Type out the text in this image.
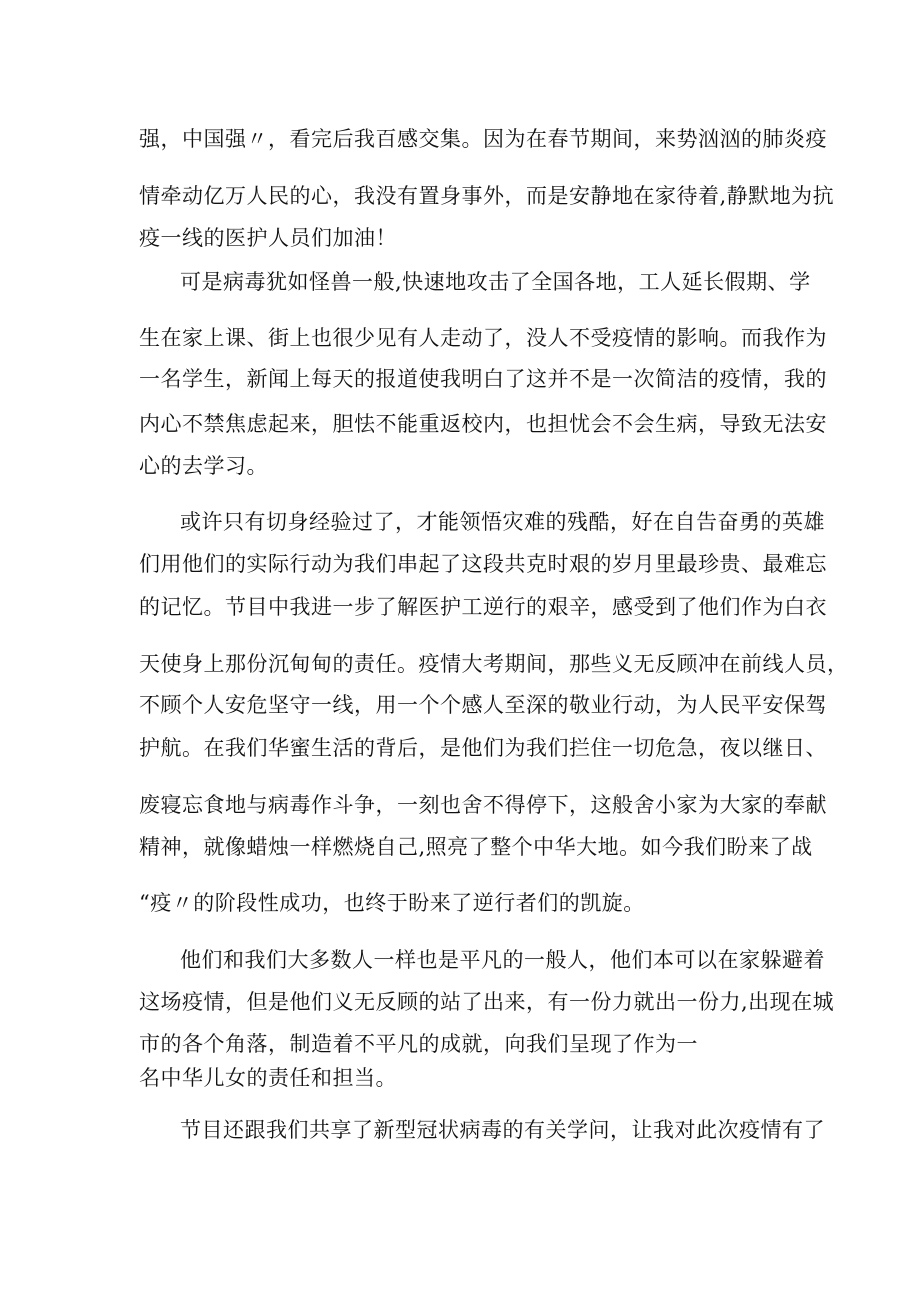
强，中国强〃，看完后我百感交集。因为在春节期间，来势汹汹的肺炎疫
情牵动亿万人民的心，我没有置身事外，而是安静地在家待着,静默地为抗
疫一线的医护人员们加油！
可是病毒犹如怪兽一般,快速地攻击了全国各地，工人延长假期、学
生在家上课、街上也很少见有人走动了，没人不受疫情的影响。而我作为
一名学生，新闻上每天的报道使我明白了这并不是一次简洁的疫情，我的
内心不禁焦虑起来，胆怯不能重返校内，也担忧会不会生病，导致无法安
心的去学习。
或许只有切身经验过了，才能领悟灾难的残酷，好在自告奋勇的英雄
们用他们的实际行动为我们串起了这段共克时艰的岁月里最珍贵、最难忘
的记忆。节目中我进一步了解医护工逆行的艰辛，感受到了他们作为白衣
天使身上那份沉甸甸的责任。疫情大考期间，那些义无反顾冲在前线人员，
不顾个人安危坚守一线，用一个个感人至深的敬业行动，为人民平安保驾
护航。在我们华蜜生活的背后，是他们为我们拦住一切危急，夜以继日、
废寝忘食地与病毒作斗争，一刻也舍不得停下，这般舍小家为大家的奉献
精神，就像蜡烛一样燃烧自己,照亮了整个中华大地。如今我们盼来了战
“疫〃的阶段性成功，也终于盼来了逆行者们的凯旋。
他们和我们大多数人一样也是平凡的一般人，他们本可以在家躲避着
这场疫情，但是他们义无反顾的站了出来，有一份力就出一份力,出现在城
市的各个角落，制造着不平凡的成就，向我们呈现了作为一
名中华儿女的责任和担当。
节目还跟我们共享了新型冠状病毒的有关学问，让我对此次疫情有了
